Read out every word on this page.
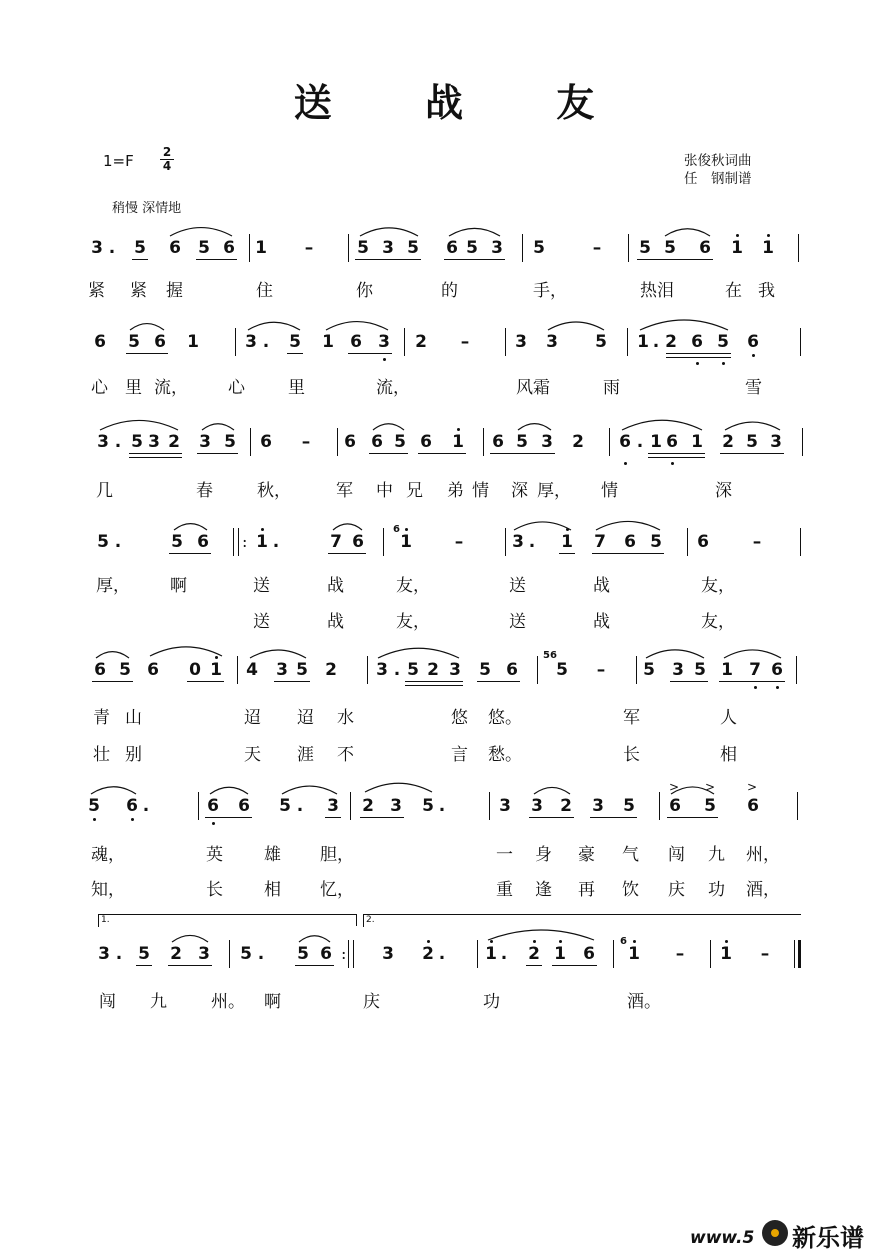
送 战 友
1=F 2
4	张俊秋词曲
任　钢制谱
稍慢 深情地
3 . 5 6 5 6 1 –	5 3 5 6 5 3 5	– 5 5 6 1 1
6 5 6 1	3 . 5 1 6 3 2 –	3 3 5 1 . 2 6 5 6
3 . 5 3 2 3 5 6 – 6 6 5 6 1 6 5 3 2 6 . 1 6 1 2 5 3
5 .	5 6 : 1 .	7 6
6
1	–	3 . 1 7 6 5 6	–
6 5 6 0 1 4 3 5 2 3 . 5 2 3 5 6
56
5 – 5 3 5 1 7 6
5 6 .	6 6 5 . 3 2 3 5 .	3 3 2 3 5
>
6 5
>	>
6
1.	2.
3 . 5 2 3 5 . 5 6 : 3 2 . 1 . 2 1 6
6
1 – 1 –
紧 紧 握	住	你	的	手，	热泪	在 我
心 里 流， 心	里	流，	风霜	雨	雪
几	春	秋，	军 中 兄 弟 情 深 厚， 情	深
厚， 啊	送	战	友，	送	战	友，
送	战	友，	送	战	友，
青 山	迢 迢 水	悠 悠。	军	人
壮 别	天 涯 不	言 愁。	长	相
魂，	英 雄 胆，	一 身 豪 气 闯 九 州，
知，	长 相 忆，	重 逢 再 饮 庆 功 酒，
闯 九	州。 啊	庆	功	酒。
www.5 新乐谱
